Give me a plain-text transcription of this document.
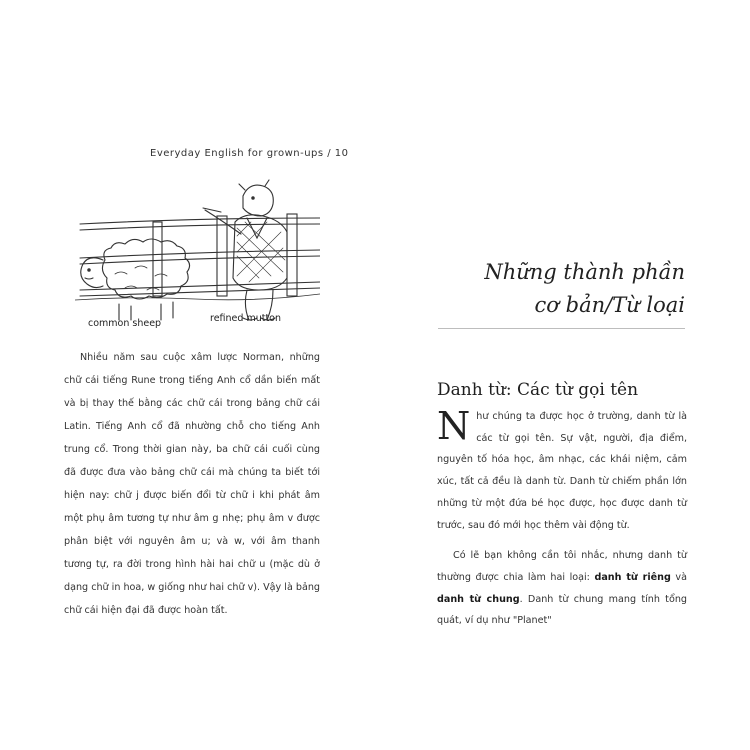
Everyday English for grown-ups / 10
common sheep	refined mutton

Nhiều năm sau cuộc xâm lược Norman, những chữ cái tiếng Rune trong tiếng Anh cổ dần biến mất và bị thay thế bằng các chữ cái trong bảng chữ cái Latin. Tiếng Anh cổ đã nhường chỗ cho tiếng Anh trung cổ. Trong thời gian này, ba chữ cái cuối cùng đã được đưa vào bảng chữ cái mà chúng ta biết tới hiện nay: chữ j được biến đổi từ chữ i khi phát âm một phụ âm tương tự như âm g nhẹ; phụ âm v được phân biệt với nguyên âm u; và w, với âm thanh tương tự, ra đời trong hình hài hai chữ u (mặc dù ở dạng chữ in hoa, w giống như hai chữ v). Vậy là bảng chữ cái hiện đại đã được hoàn tất.

Những thành phần
cơ bản/Từ loại
Danh từ: Các từ gọi tên

Như chúng ta được học ở trường, danh từ là các từ gọi tên. Sự vật, người, địa điểm, nguyên tố hóa học, âm nhạc, các khái niệm, cảm xúc, tất cả đều là danh từ. Danh từ chiếm phần lớn những từ một đứa bé học được, học được danh từ trước, sau đó mới học thêm vài động từ.

Có lẽ bạn không cần tôi nhắc, nhưng danh từ thường được chia làm hai loại: danh từ riêng và danh từ chung. Danh từ chung mang tính tổng quát, ví dụ như "Planet"
